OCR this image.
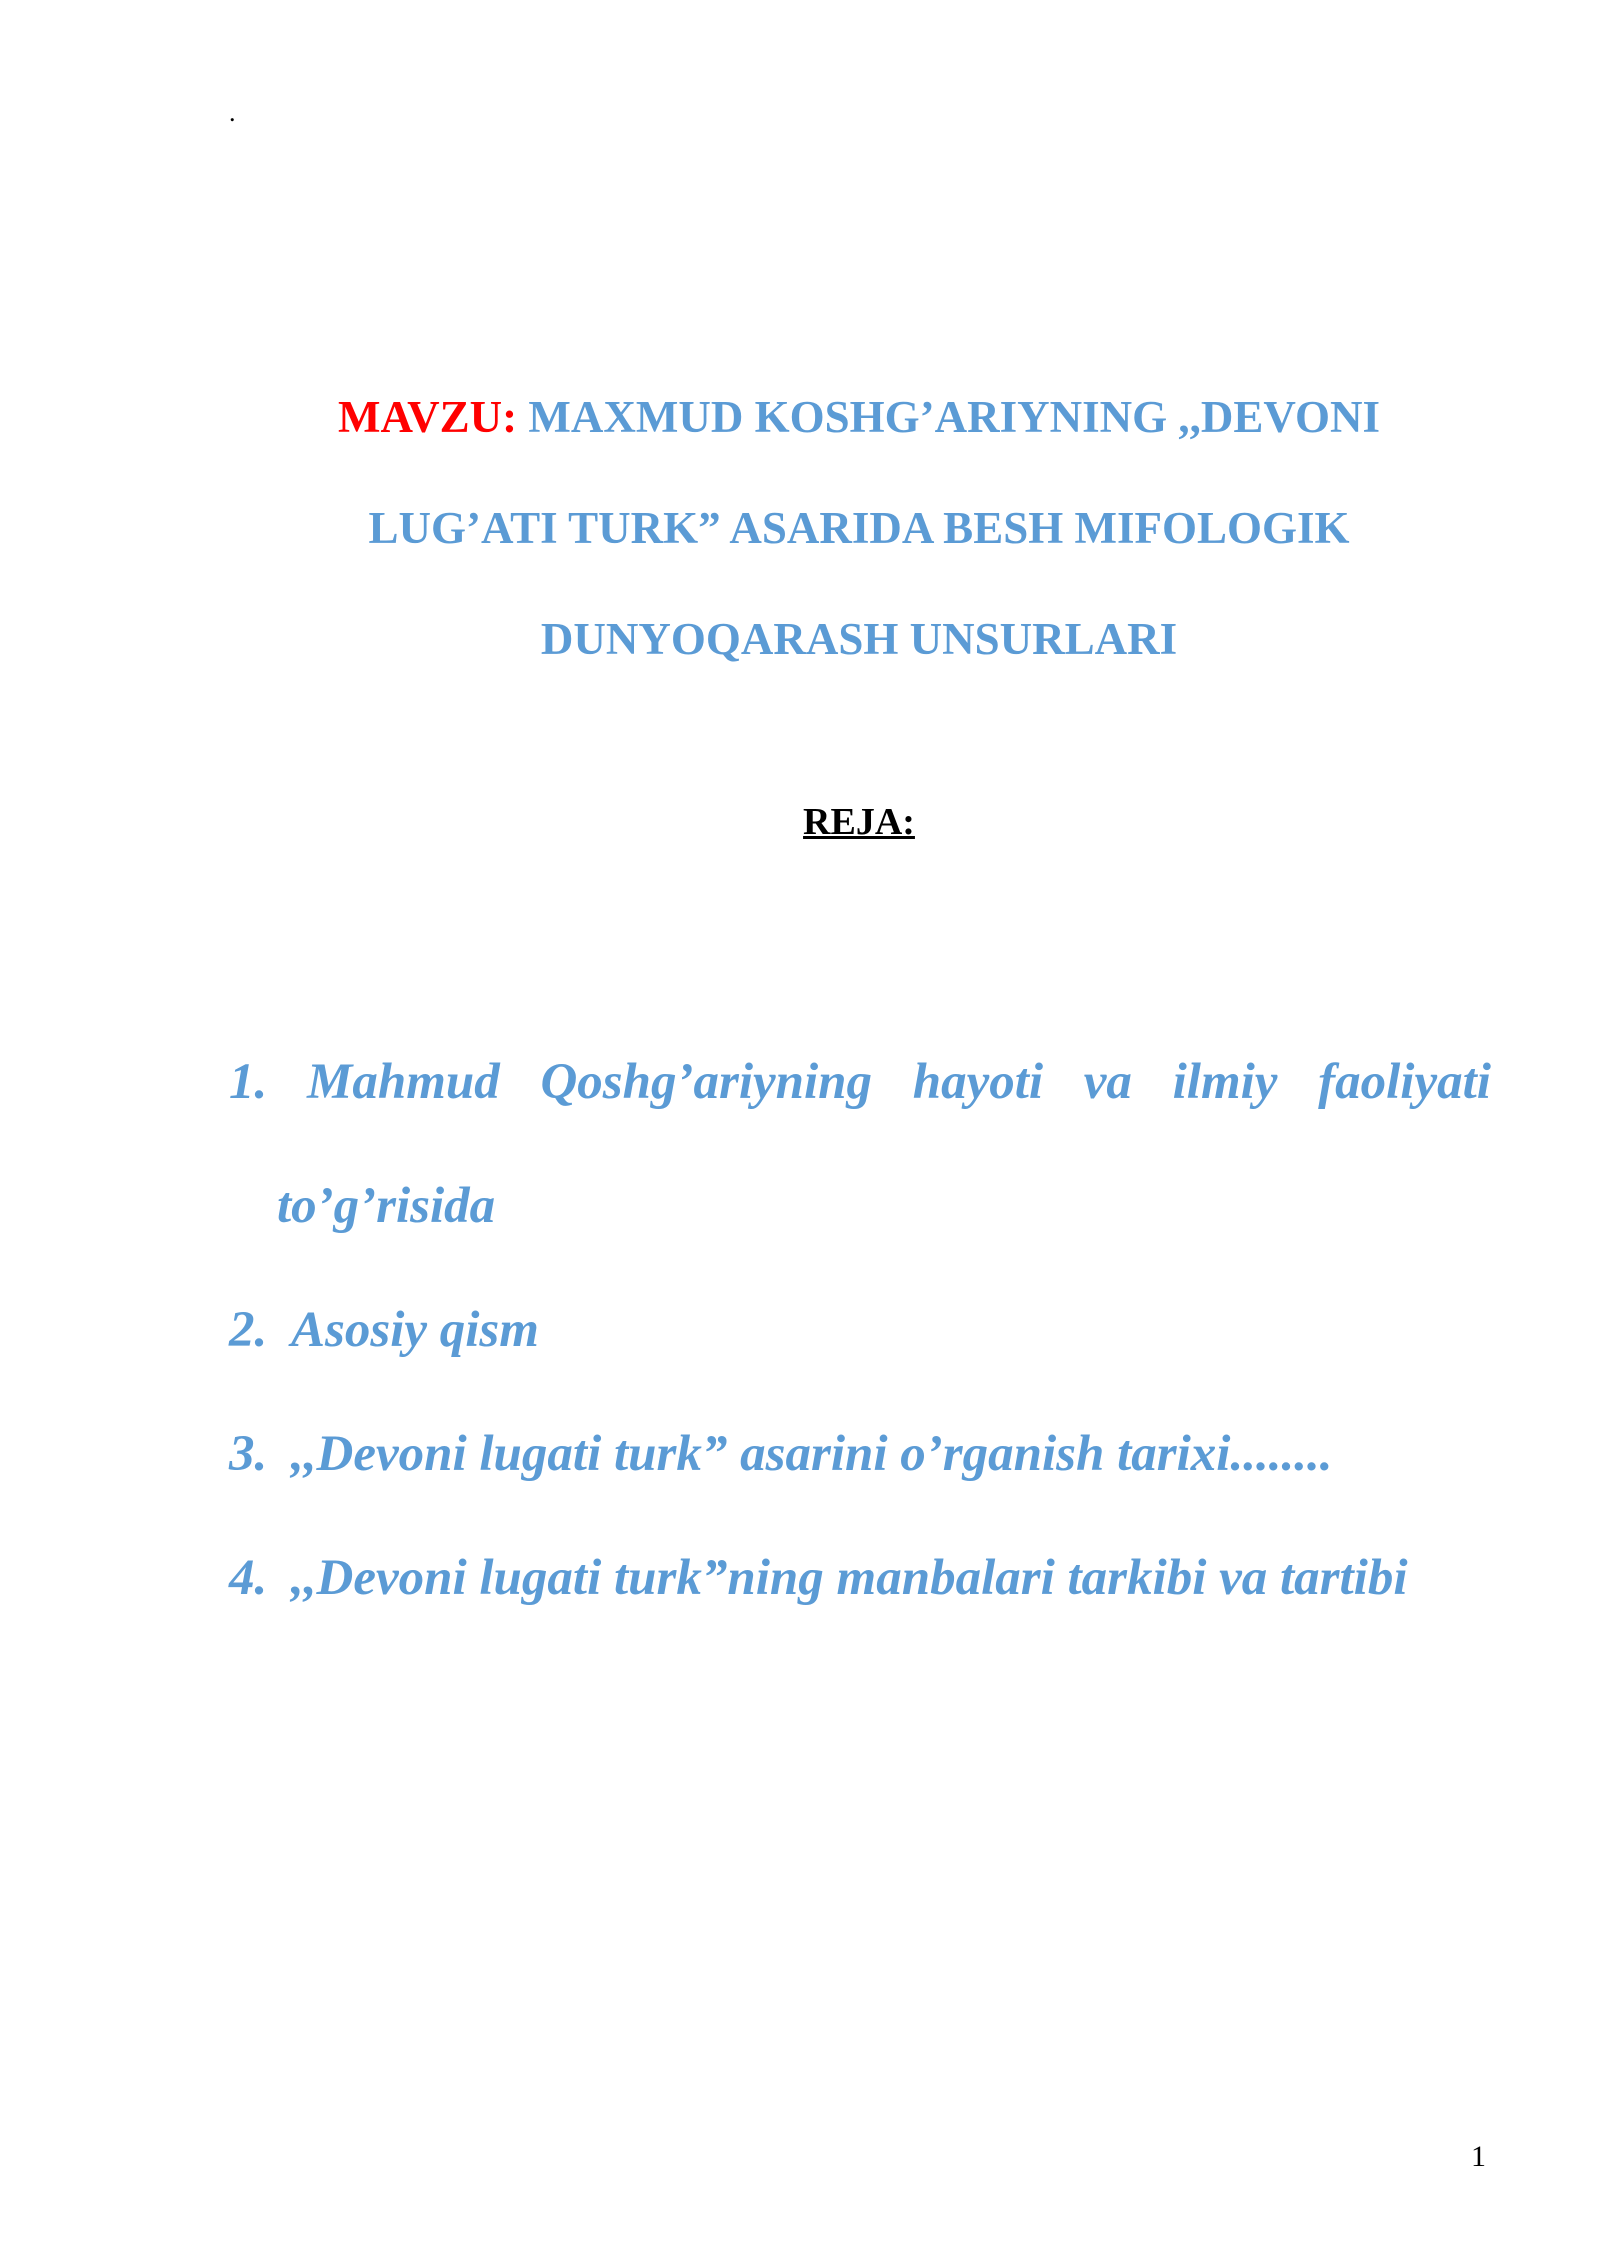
.
MAVZU: MAXMUD KOSHG’ARIYNING ,,DEVONI
LUG’ATI TURK” ASARIDA BESH MIFOLOGIK
DUNYOQARASH UNSURLARI
REJA:
1. Mahmud Qoshg’ariyning hayoti va ilmiy faoliyati
to’g’risida
2. Asosiy qism
3. ,,Devoni lugati turk” asarini o’rganish tarixi........
4. ,,Devoni lugati turk”ning manbalari tarkibi va tartibi
1
